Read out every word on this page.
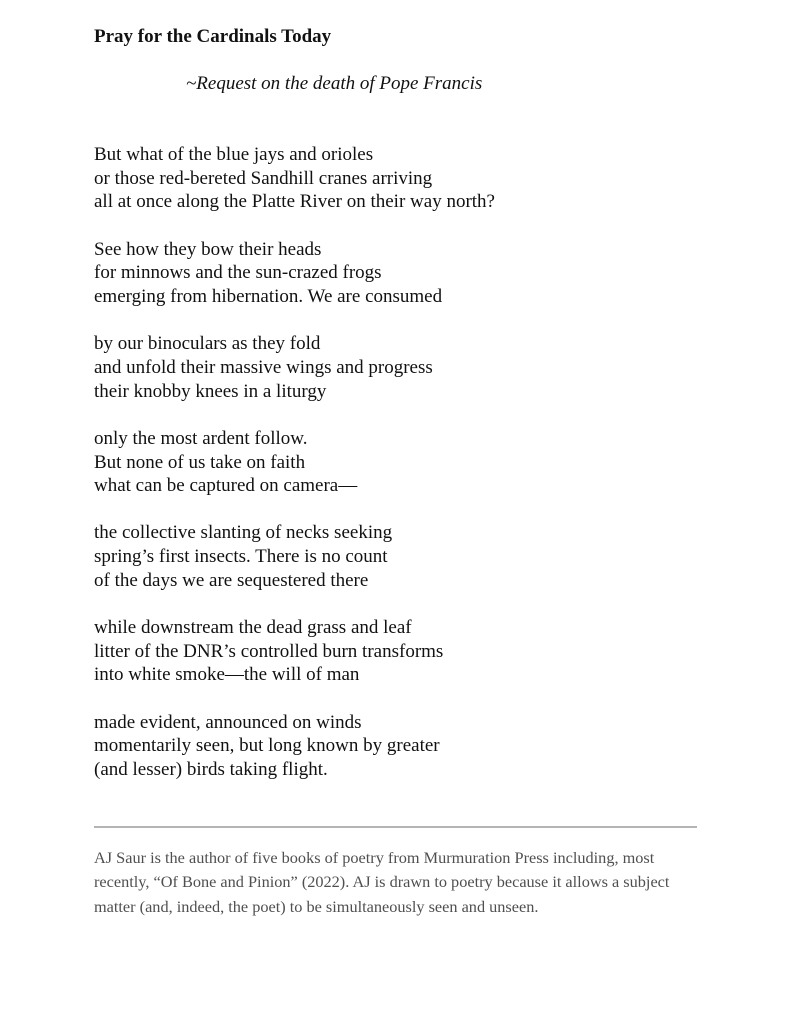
Pray for the Cardinals Today

~Request on the death of Pope Francis

But what of the blue jays and orioles
or those red-bereted Sandhill cranes arriving
all at once along the Platte River on their way north?
See how they bow their heads
for minnows and the sun-crazed frogs
emerging from hibernation. We are consumed
by our binoculars as they fold
and unfold their massive wings and progress
their knobby knees in a liturgy
only the most ardent follow.
But none of us take on faith
what can be captured on camera—
the collective slanting of necks seeking
spring’s first insects. There is no count
of the days we are sequestered there
while downstream the dead grass and leaf
litter of the DNR’s controlled burn transforms
into white smoke—the will of man
made evident, announced on winds
momentarily seen, but long known by greater
(and lesser) birds taking flight.

AJ Saur is the author of five books of poetry from Murmuration Press including, most recently, “Of Bone and Pinion” (2022). AJ is drawn to poetry because it allows a subject matter (and, indeed, the poet) to be simultaneously seen and unseen.
